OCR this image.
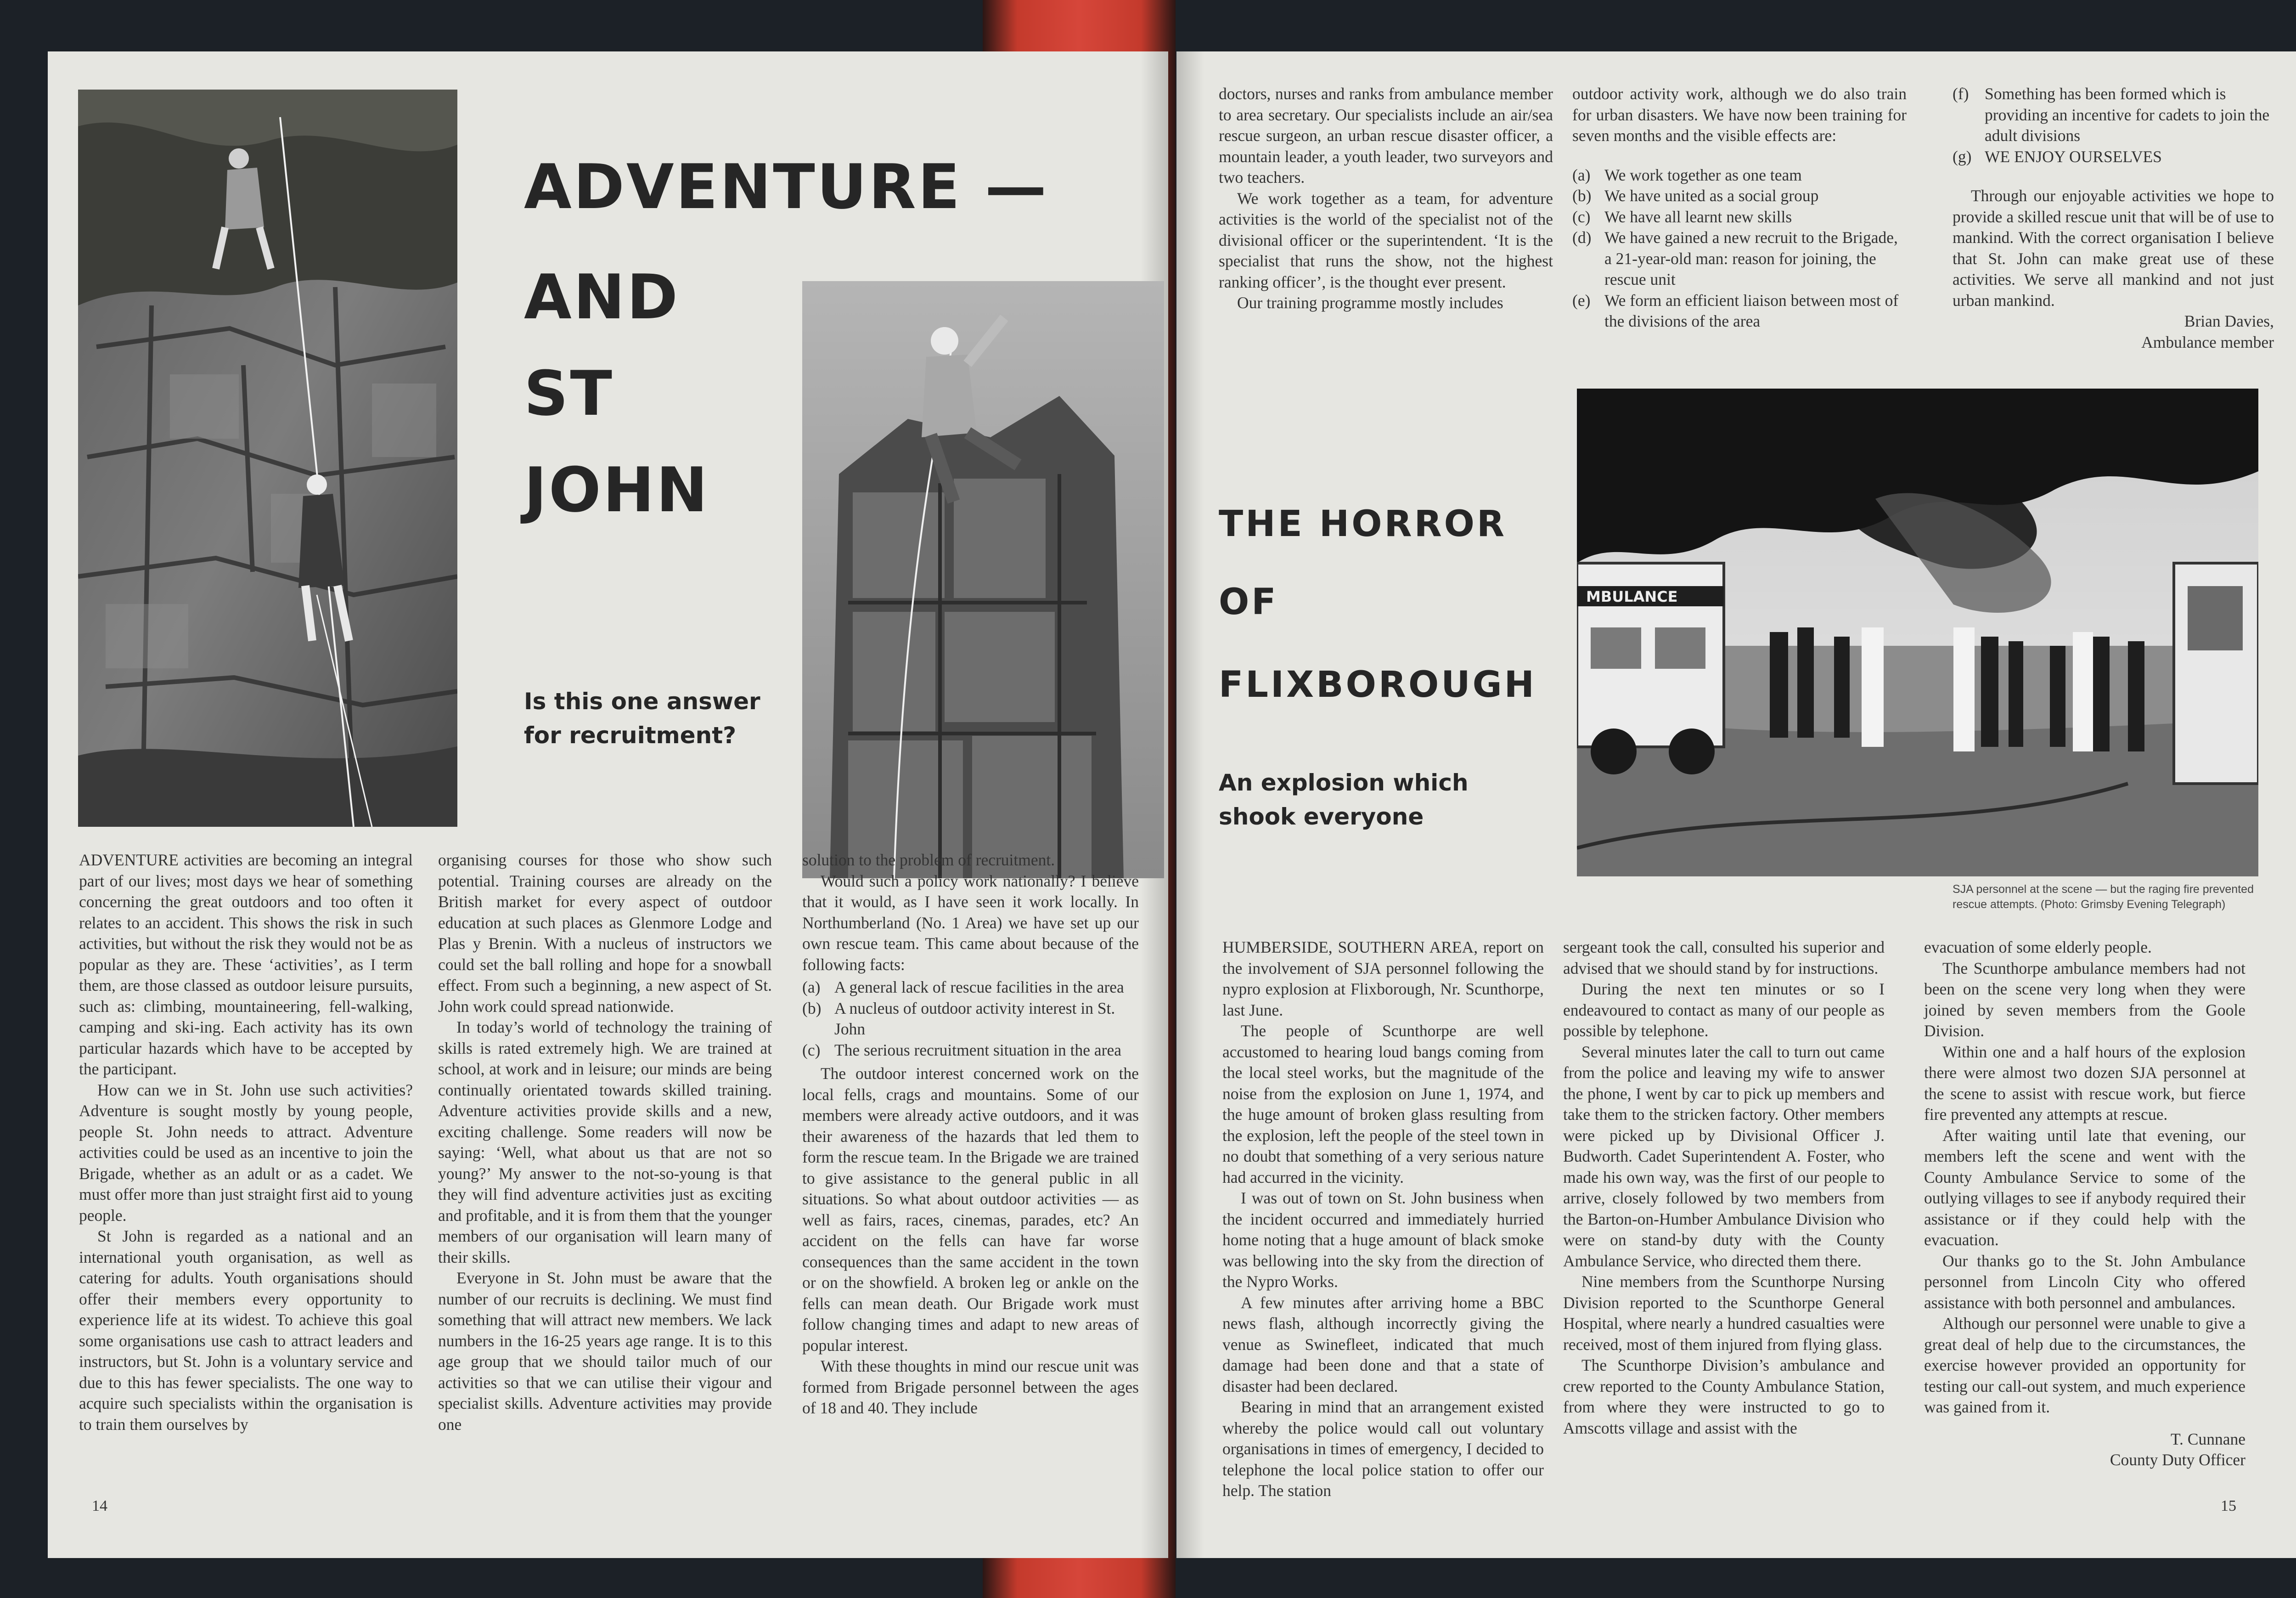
ADVENTURE —
AND
ST
JOHN
Is this one answer
for recruitment?

ADVENTURE activities are becoming an integral part of our lives; most days we hear of something concerning the great outdoors and too often it relates to an accident. This shows the risk in such activities, but without the risk they would not be as popular as they are. These ‘activities’, as I term them, are those classed as outdoor leisure pursuits, such as: climbing, mountaineering, fell-walking, camping and ski-ing. Each activity has its own particular hazards which have to be accepted by the participant.

How can we in St. John use such activities? Adventure is sought mostly by young people, people St. John needs to attract. Adventure activities could be used as an incentive to join the Brigade, whether as an adult or as a cadet. We must offer more than just straight first aid to young people.

St John is regarded as a national and an international youth organisation, as well as catering for adults. Youth organisations should offer their members every opportunity to experience life at its widest. To achieve this goal some organisations use cash to attract leaders and instructors, but St. John is a voluntary service and due to this has fewer specialists. The one way to acquire such specialists within the organisation is to train them ourselves by

organising courses for those who show such potential. Training courses are already on the British market for every aspect of outdoor education at such places as Glenmore Lodge and Plas y Brenin. With a nucleus of instructors we could set the ball rolling and hope for a snowball effect. From such a beginning, a new aspect of St. John work could spread nationwide.

In today’s world of technology the training of skills is rated extremely high. We are trained at school, at work and in leisure; our minds are being continually orientated towards skilled training. Adventure activities provide skills and a new, exciting challenge. Some readers will now be saying: ‘Well, what about us that are not so young?’ My answer to the not-so-young is that they will find adventure activities just as exciting and profitable, and it is from them that the younger members of our organisation will learn many of their skills.

Everyone in St. John must be aware that the number of our recruits is declining. We must find something that will attract new members. We lack numbers in the 16-25 years age range. It is to this age group that we should tailor much of our activities so that we can utilise their vigour and specialist skills. Adventure activities may provide one

solution to the problem of recruitment.

Would such a policy work nationally? I believe that it would, as I have seen it work locally. In Northumberland (No. 1 Area) we have set up our own rescue team. This came about because of the following facts:

(a) A general lack of rescue facilities in the area
(b) A nucleus of outdoor activity interest in St. John
(c) The serious recruitment situation in the area

The outdoor interest concerned work on the local fells, crags and mountains. Some of our members were already active outdoors, and it was their awareness of the hazards that led them to form the rescue team. In the Brigade we are trained to give assistance to the general public in all situations. So what about outdoor activities — as well as fairs, races, cinemas, parades, etc? An accident on the fells can have far worse consequences than the same accident in the town or on the showfield. A broken leg or ankle on the fells can mean death. Our Brigade work must follow changing times and adapt to new areas of popular interest.

With these thoughts in mind our rescue unit was formed from Brigade personnel between the ages of 18 and 40. They include

14

doctors, nurses and ranks from ambulance member to area secretary. Our specialists include an air/sea rescue surgeon, an urban rescue disaster officer, a mountain leader, a youth leader, two surveyors and two teachers.

We work together as a team, for adventure activities is the world of the specialist not of the divisional officer or the superintendent. ‘It is the specialist that runs the show, not the highest ranking officer’, is the thought ever present.

Our training programme mostly includes

outdoor activity work, although we do also train for urban disasters. We have now been training for seven months and the visible effects are:

(a) We work together as one team
(b) We have united as a social group
(c) We have all learnt new skills
(d) We have gained a new recruit to the Brigade, a 21-year-old man: reason for joining, the rescue unit
(e) We form an efficient liaison between most of the divisions of the area
(f) Something has been formed which is providing an incentive for cadets to join the adult divisions
(g) WE ENJOY OURSELVES

Through our enjoyable activities we hope to provide a skilled rescue unit that will be of use to mankind. With the correct organisation I believe that St. John can make great use of these activities. We serve all mankind and not just urban mankind.

Brian Davies,

Ambulance member

THE HORROR
OF
FLIXBOROUGH
An explosion which
shook everyone
MBULANCE
SJA personnel at the scene — but the raging fire prevented rescue attempts. (Photo: Grimsby Evening Telegraph)

HUMBERSIDE, SOUTHERN AREA, report on the involvement of SJA personnel following the nypro explosion at Flixborough, Nr. Scunthorpe, last June.

The people of Scunthorpe are well accustomed to hearing loud bangs coming from the local steel works, but the magnitude of the noise from the explosion on June 1, 1974, and the huge amount of broken glass resulting from the explosion, left the people of the steel town in no doubt that something of a very serious nature had accurred in the vicinity.

I was out of town on St. John business when the incident occurred and immediately hurried home noting that a huge amount of black smoke was bellowing into the sky from the direction of the Nypro Works.

A few minutes after arriving home a BBC news flash, although incorrectly giving the venue as Swinefleet, indicated that much damage had been done and that a state of disaster had been declared.

Bearing in mind that an arrangement existed whereby the police would call out voluntary organisations in times of emergency, I decided to telephone the local police station to offer our help. The station

sergeant took the call, consulted his superior and advised that we should stand by for instructions.

During the next ten minutes or so I endeavoured to contact as many of our people as possible by telephone.

Several minutes later the call to turn out came from the police and leaving my wife to answer the phone, I went by car to pick up members and take them to the stricken factory. Other members were picked up by Divisional Officer J. Budworth. Cadet Superintendent A. Foster, who made his own way, was the first of our people to arrive, closely followed by two members from the Barton-on-Humber Ambulance Division who were on stand-by duty with the County Ambulance Service, who directed them there.

Nine members from the Scunthorpe Nursing Division reported to the Scunthorpe General Hospital, where nearly a hundred casualties were received, most of them injured from flying glass.

The Scunthorpe Division’s ambulance and crew reported to the County Ambulance Station, from where they were instructed to go to Amscotts village and assist with the

evacuation of some elderly people.

The Scunthorpe ambulance members had not been on the scene very long when they were joined by seven members from the Goole Division.

Within one and a half hours of the explosion there were almost two dozen SJA personnel at the scene to assist with rescue work, but fierce fire prevented any attempts at rescue.

After waiting until late that evening, our members left the scene and went with the County Ambulance Service to some of the outlying villages to see if anybody required their assistance or if they could help with the evacuation.

Our thanks go to the St. John Ambulance personnel from Lincoln City who offered assistance with both personnel and ambulances.

Although our personnel were unable to give a great deal of help due to the circumstances, the exercise however provided an opportunity for testing our call-out system, and much experience was gained from it.

T. Cunnane

County Duty Officer

15
